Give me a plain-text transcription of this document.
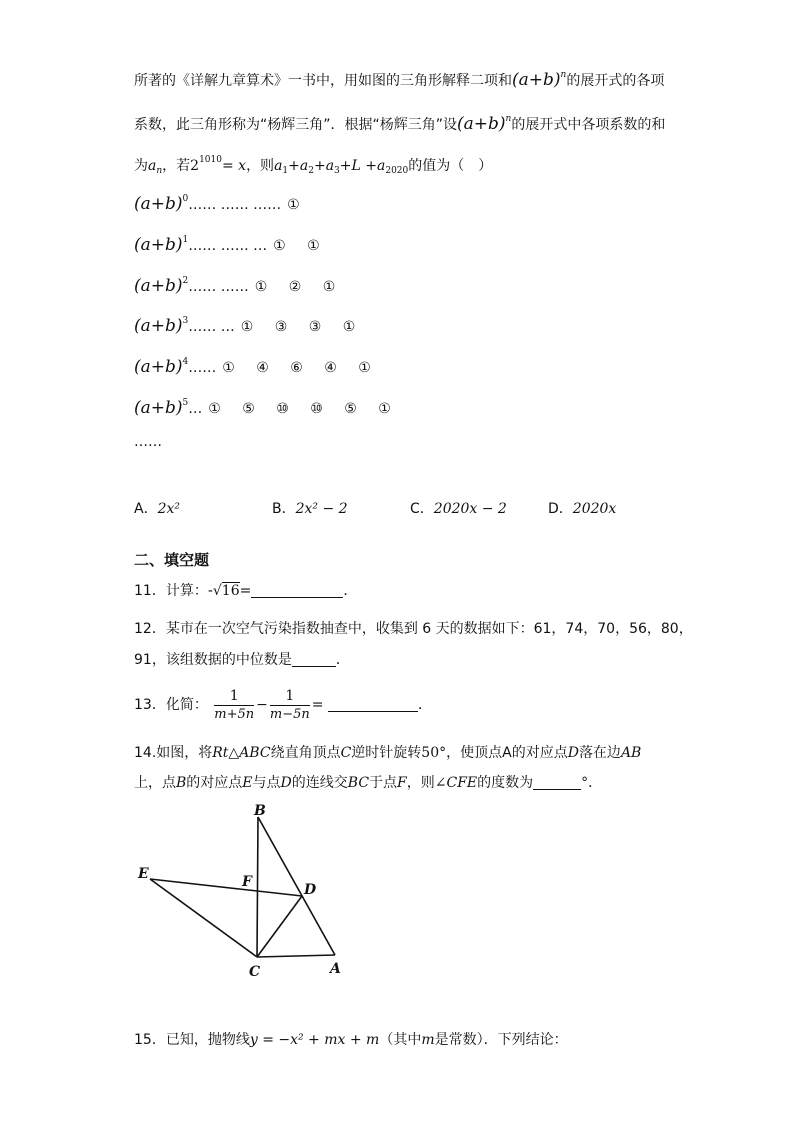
所著的《详解九章算术》一书中，用如图的三角形解释二项和$(a+b)^n$的展开式的各项
系数，此三角形称为“杨辉三角”．根据“杨辉三角”设$(a+b)^n$的展开式中各项系数的和
为$a_n$，若$2^{1010}= x$，则$a_1+a_2+a_3+L +a_{2020}$的值为（　）
$(a+b)^0\dots\dots$ …… …… ①
$(a+b)^1\dots\dots$ …… … ① ①
$(a+b)^2\dots\dots$ …… ① ② ①
$(a+b)^3\dots\dots$ … ① ③ ③ ①
$(a+b)^4\dots\dots$ ① ④ ⑥ ④ ①
$(a+b)^5\dots$ ① ⑤ ⑩ ⑩ ⑤ ①
……
A．2x²	B．2x² − 2	C．2020x − 2	D．2020x
二、填空题
11．计算：-√16=	．
12．某市在一次空气污染指数抽查中，收集到 6 天的数据如下：61，74，70，56，80，
91，该组数据的中位数是	．
13．化简： $\frac{1}{m+5n} - \frac{1}{m-5n}$ =	．
14.如图，将Rt△ABC绕直角顶点C逆时针旋转50°，使顶点A的对应点D落在边AB
上，点B的对应点E与点D的连线交BC于点F，则∠CFE的度数为	°．
B
E	F	D
C	A
15．已知，抛物线y = −x² + mx + m（其中m是常数）．下列结论：
